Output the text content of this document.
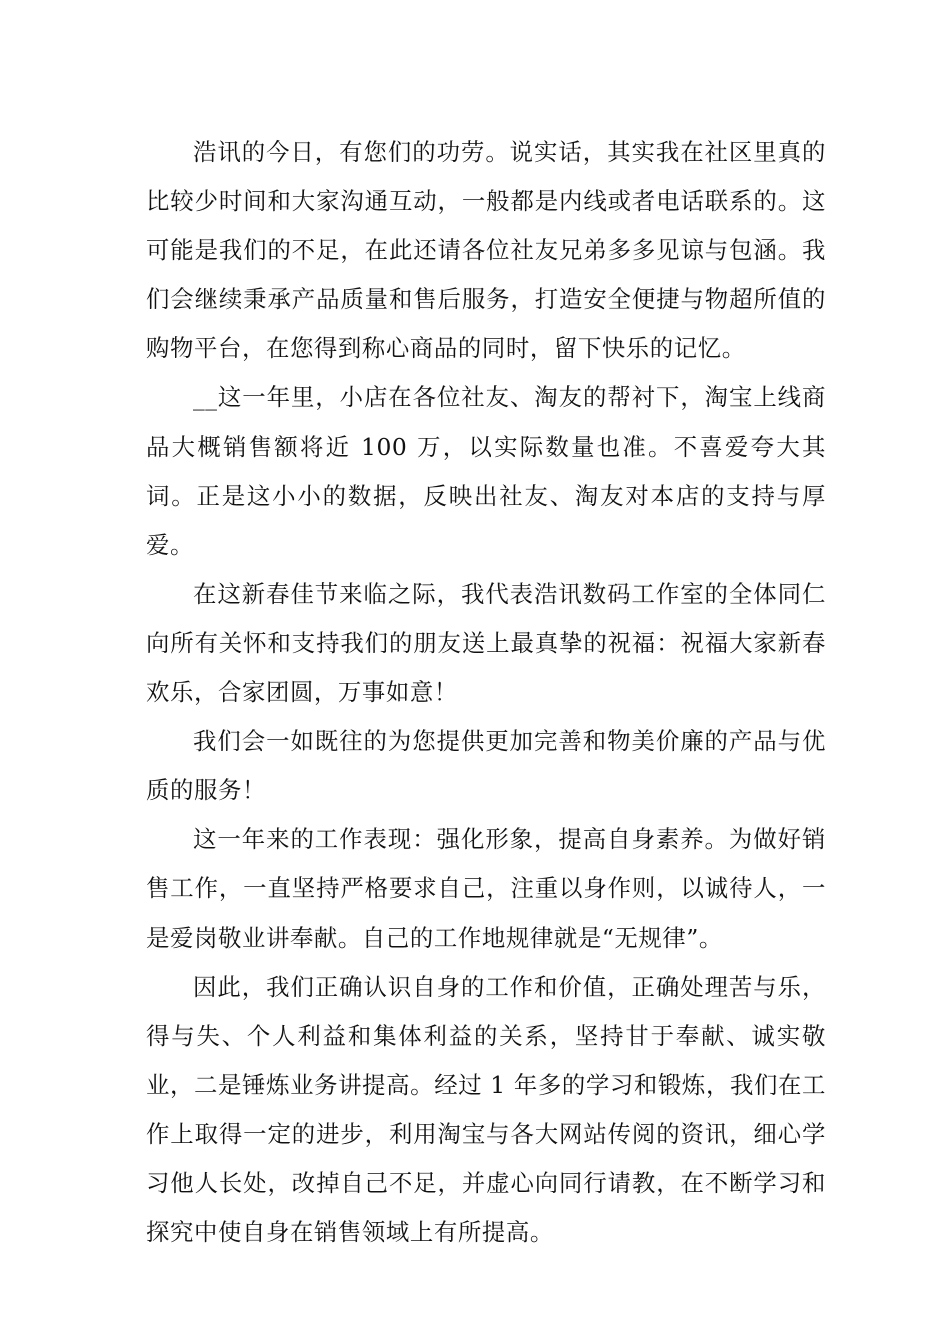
浩讯的今日，有您们的功劳。说实话，其实我在社区里真的比较少时间和大家沟通互动，一般都是内线或者电话联系的。这可能是我们的不足，在此还请各位社友兄弟多多见谅与包涵。我们会继续秉承产品质量和售后服务，打造安全便捷与物超所值的购物平台，在您得到称心商品的同时，留下快乐的记忆。

__这一年里，小店在各位社友、淘友的帮衬下，淘宝上线商品大概销售额将近 100 万，以实际数量也准。不喜爱夸大其词。正是这小小的数据，反映出社友、淘友对本店的支持与厚爱。

在这新春佳节来临之际，我代表浩讯数码工作室的全体同仁向所有关怀和支持我们的朋友送上最真挚的祝福：祝福大家新春欢乐，合家团圆，万事如意！

我们会一如既往的为您提供更加完善和物美价廉的产品与优质的服务！

这一年来的工作表现：强化形象，提高自身素养。为做好销售工作，一直坚持严格要求自己，注重以身作则，以诚待人，一是爱岗敬业讲奉献。自己的工作地规律就是“无规律”。

因此，我们正确认识自身的工作和价值，正确处理苦与乐，得与失、个人利益和集体利益的关系，坚持甘于奉献、诚实敬业，二是锤炼业务讲提高。经过 1 年多的学习和锻炼，我们在工作上取得一定的进步，利用淘宝与各大网站传阅的资讯，细心学习他人长处，改掉自己不足，并虚心向同行请教，在不断学习和探究中使自身在销售领域上有所提高。
